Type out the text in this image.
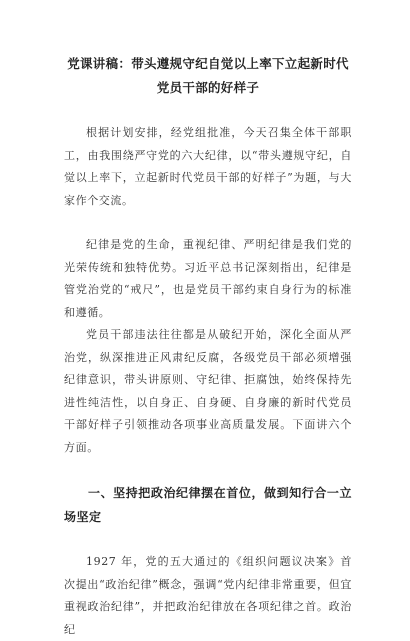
党课讲稿：带头遵规守纪自觉以上率下立起新时代党员干部的好样子

根据计划安排，经党组批准，今天召集全体干部职工，由我围绕严守党的六大纪律，以“带头遵规守纪，自觉以上率下，立起新时代党员干部的好样子”为题，与大家作个交流。

纪律是党的生命，重视纪律、严明纪律是我们党的光荣传统和独特优势。习近平总书记深刻指出，纪律是管党治党的“戒尺”，也是党员干部约束自身行为的标准和遵循。

党员干部违法往往都是从破纪开始，深化全面从严治党，纵深推进正风肃纪反腐，各级党员干部必须增强纪律意识，带头讲原则、守纪律、拒腐蚀，始终保持先进性纯洁性，以自身正、自身硬、自身廉的新时代党员干部好样子引领推动各项事业高质量发展。下面讲六个方面。

一、坚持把政治纪律摆在首位，做到知行合一立场坚定

1927 年，党的五大通过的《组织问题议决案》首次提出“政治纪律”概念，强调“党内纪律非常重要，但宜重视政治纪律”，并把政治纪律放在各项纪律之首。政治纪
